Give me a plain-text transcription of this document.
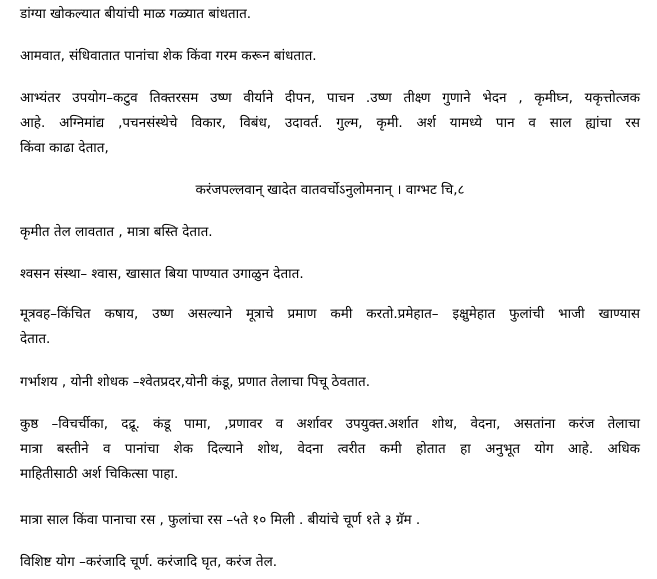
डांग्या खोकल्यात बीयांची माळ गळ्यात बांधतात.

आमवात, संधिवातात पानांचा शेक किंवा गरम करून बांधतात.

आभ्यंतर उपयोग–कटुव तिक्तरसम उष्ण वीर्याने दीपन, पाचन .उष्ण तीक्ष्ण गुणाने भेदन , कृमीघ्न, यकृत्तोत्जक
आहे. अग्निमांद्य ,पचनसंस्थेचे विकार, विबंध, उदावर्त. गुल्म, कृमी. अर्श यामध्ये पान व साल ह्यांचा रस
किंवा काढा देतात,

करंजपल्लवान् खादेत वातवर्चोऽनुलोमनान् । वाग्भट चि,८

कृमीत तेल लावतात , मात्रा बस्ति देतात.

श्वसन संस्था– श्वास, खासात बिया पाण्यात उगाळुन देतात.

मूत्रवह–किंचित कषाय, उष्ण असल्याने मूत्राचे प्रमाण कमी करतो.प्रमेहात– इक्षुमेहात फुलांची भाजी खाण्यास
देतात.

गर्भाशय , योनी शोधक –श्वेतप्रदर,योनी कंडू, प्रणात तेलाचा पिचू ठेवतात.

कुष्ठ –विचर्चीका, दद्रू. कंडू पामा, ,प्रणावर व अर्शावर उपयुक्त.अर्शात शोथ, वेदना, असतांना करंज तेलाचा
मात्रा बस्तीने व पानांचा शेक दिल्याने शोथ, वेदना त्वरीत कमी होतात हा अनुभूत योग आहे. अधिक
माहितीसाठी अर्श चिकित्सा पाहा.

मात्रा साल किंवा पानाचा रस , फुलांचा रस –५ते १० मिली . बीयांचे चूर्ण १ते ३ ग्रॅम .

विशिष्ट योग –करंजादि चूर्ण. करंजादि घृत, करंज तेल.
